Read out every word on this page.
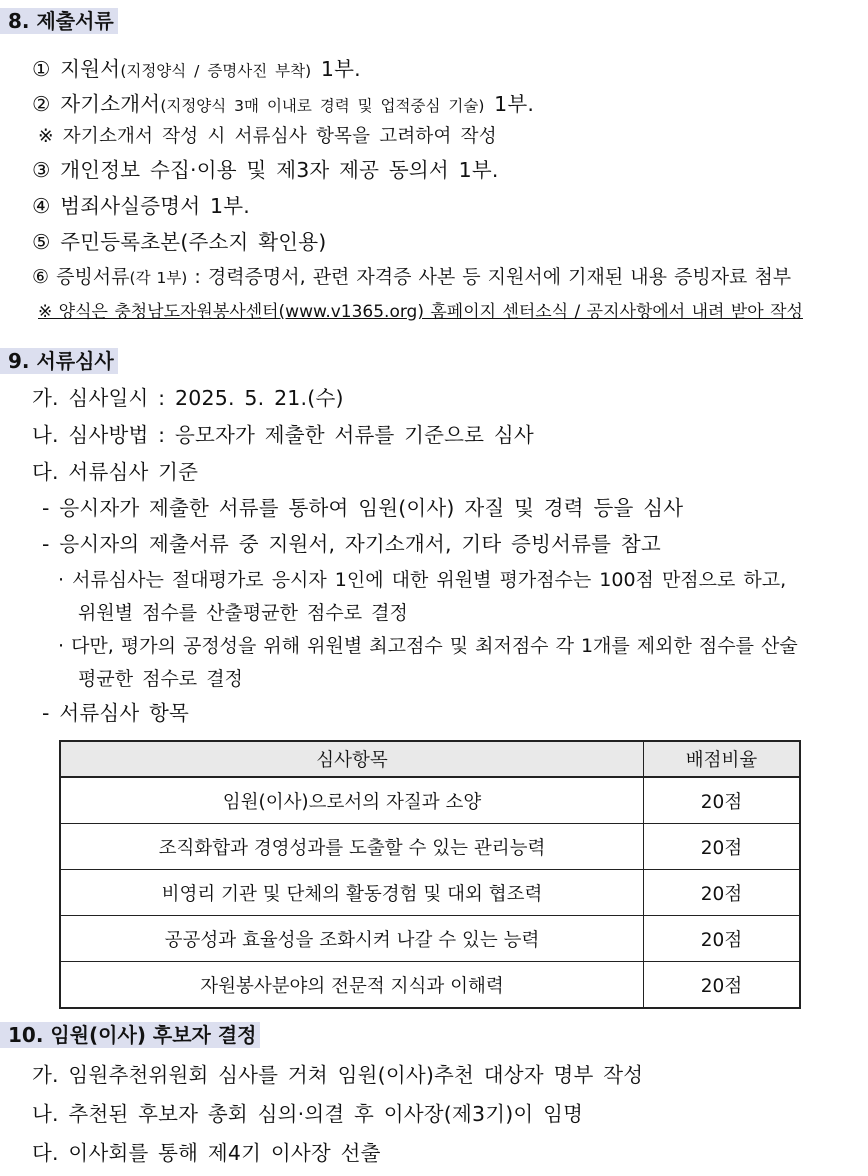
8. 제출서류
① 지원서(지정양식 / 증명사진 부착) 1부.
② 자기소개서(지정양식 3매 이내로 경력 및 업적중심 기술) 1부.
※ 자기소개서 작성 시 서류심사 항목을 고려하여 작성
③ 개인정보 수집·이용 및 제3자 제공 동의서 1부.
④ 범죄사실증명서 1부.
⑤ 주민등록초본(주소지 확인용)
⑥ 증빙서류(각 1부) : 경력증명서, 관련 자격증 사본 등 지원서에 기재된 내용 증빙자료 첨부
※ 양식은 충청남도자원봉사센터(www.v1365.org) 홈페이지 센터소식 / 공지사항에서 내려 받아 작성
9. 서류심사
가. 심사일시 : 2025. 5. 21.(수)
나. 심사방법 : 응모자가 제출한 서류를 기준으로 심사
다. 서류심사 기준
- 응시자가 제출한 서류를 통하여 임원(이사) 자질 및 경력 등을 심사
- 응시자의 제출서류 중 지원서, 자기소개서, 기타 증빙서류를 참고
· 서류심사는 절대평가로 응시자 1인에 대한 위원별 평가점수는 100점 만점으로 하고,
위원별 점수를 산출평균한 점수로 결정
· 다만, 평가의 공정성을 위해 위원별 최고점수 및 최저점수 각 1개를 제외한 점수를 산술
평균한 점수로 결정
- 서류심사 항목
심사항목	배점비율
임원(이사)으로서의 자질과 소양	20점
조직화합과 경영성과를 도출할 수 있는 관리능력	20점
비영리 기관 및 단체의 활동경험 및 대외 협조력	20점
공공성과 효율성을 조화시켜 나갈 수 있는 능력	20점
자원봉사분야의 전문적 지식과 이해력	20점
10. 임원(이사) 후보자 결정
가. 임원추천위원회 심사를 거쳐 임원(이사)추천 대상자 명부 작성
나. 추천된 후보자 총회 심의·의결 후 이사장(제3기)이 임명
다. 이사회를 통해 제4기 이사장 선출
